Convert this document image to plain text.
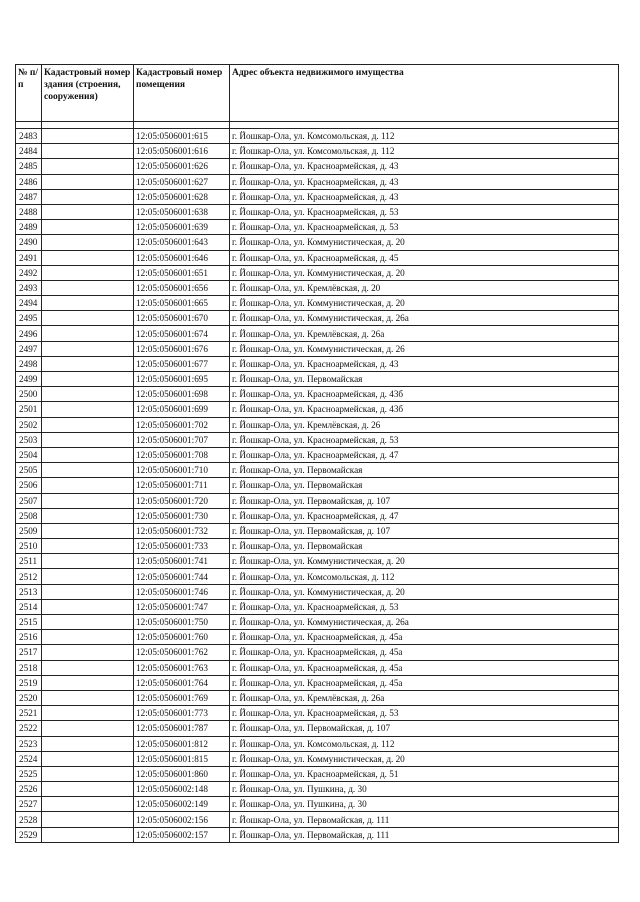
№ п/п	Кадастровый номер здания (строения, сооружения)	Кадастровый номер помещения	Адрес объекта недвижимого имущества

2483		12:05:0506001:615	г. Йошкар-Ола, ул. Комсомольская, д. 112
2484		12:05:0506001:616	г. Йошкар-Ола, ул. Комсомольская, д. 112
2485		12:05:0506001:626	г. Йошкар-Ола, ул. Красноармейская, д. 43
2486		12:05:0506001:627	г. Йошкар-Ола, ул. Красноармейская, д. 43
2487		12:05:0506001:628	г. Йошкар-Ола, ул. Красноармейская, д. 43
2488		12:05:0506001:638	г. Йошкар-Ола, ул. Красноармейская, д. 53
2489		12:05:0506001:639	г. Йошкар-Ола, ул. Красноармейская, д. 53
2490		12:05:0506001:643	г. Йошкар-Ола, ул. Коммунистическая, д. 20
2491		12:05:0506001:646	г. Йошкар-Ола, ул. Красноармейская, д. 45
2492		12:05:0506001:651	г. Йошкар-Ола, ул. Коммунистическая, д. 20
2493		12:05:0506001:656	г. Йошкар-Ола, ул. Кремлёвская, д. 20
2494		12:05:0506001:665	г. Йошкар-Ола, ул. Коммунистическая, д. 20
2495		12:05:0506001:670	г. Йошкар-Ола, ул. Коммунистическая, д. 26а
2496		12:05:0506001:674	г. Йошкар-Ола, ул. Кремлёвская, д. 26а
2497		12:05:0506001:676	г. Йошкар-Ола, ул. Коммунистическая, д. 26
2498		12:05:0506001:677	г. Йошкар-Ола, ул. Красноармейская, д. 43
2499		12:05:0506001:695	г. Йошкар-Ола, ул. Первомайская
2500		12:05:0506001:698	г. Йошкар-Ола, ул. Красноармейская, д. 43б
2501		12:05:0506001:699	г. Йошкар-Ола, ул. Красноармейская, д. 43б
2502		12:05:0506001:702	г. Йошкар-Ола, ул. Кремлёвская, д. 26
2503		12:05:0506001:707	г. Йошкар-Ола, ул. Красноармейская, д. 53
2504		12:05:0506001:708	г. Йошкар-Ола, ул. Красноармейская, д. 47
2505		12:05:0506001:710	г. Йошкар-Ола, ул. Первомайская
2506		12:05:0506001:711	г. Йошкар-Ола, ул. Первомайская
2507		12:05:0506001:720	г. Йошкар-Ола, ул. Первомайская, д. 107
2508		12:05:0506001:730	г. Йошкар-Ола, ул. Красноармейская, д. 47
2509		12:05:0506001:732	г. Йошкар-Ола, ул. Первомайская, д. 107
2510		12:05:0506001:733	г. Йошкар-Ола, ул. Первомайская
2511		12:05:0506001:741	г. Йошкар-Ола, ул. Коммунистическая, д. 20
2512		12:05:0506001:744	г. Йошкар-Ола, ул. Комсомольская, д. 112
2513		12:05:0506001:746	г. Йошкар-Ола, ул. Коммунистическая, д. 20
2514		12:05:0506001:747	г. Йошкар-Ола, ул. Красноармейская, д. 53
2515		12:05:0506001:750	г. Йошкар-Ола, ул. Коммунистическая, д. 26а
2516		12:05:0506001:760	г. Йошкар-Ола, ул. Красноармейская, д. 45а
2517		12:05:0506001:762	г. Йошкар-Ола, ул. Красноармейская, д. 45а
2518		12:05:0506001:763	г. Йошкар-Ола, ул. Красноармейская, д. 45а
2519		12:05:0506001:764	г. Йошкар-Ола, ул. Красноармейская, д. 45а
2520		12:05:0506001:769	г. Йошкар-Ола, ул. Кремлёвская, д. 26а
2521		12:05:0506001:773	г. Йошкар-Ола, ул. Красноармейская, д. 53
2522		12:05:0506001:787	г. Йошкар-Ола, ул. Первомайская, д. 107
2523		12:05:0506001:812	г. Йошкар-Ола, ул. Комсомольская, д. 112
2524		12:05:0506001:815	г. Йошкар-Ола, ул. Коммунистическая, д. 20
2525		12:05:0506001:860	г. Йошкар-Ола, ул. Красноармейская, д. 51
2526		12:05:0506002:148	г. Йошкар-Ола, ул. Пушкина, д. 30
2527		12:05:0506002:149	г. Йошкар-Ола, ул. Пушкина, д. 30
2528		12:05:0506002:156	г. Йошкар-Ола, ул. Первомайская, д. 111
2529		12:05:0506002:157	г. Йошкар-Ола, ул. Первомайская, д. 111
